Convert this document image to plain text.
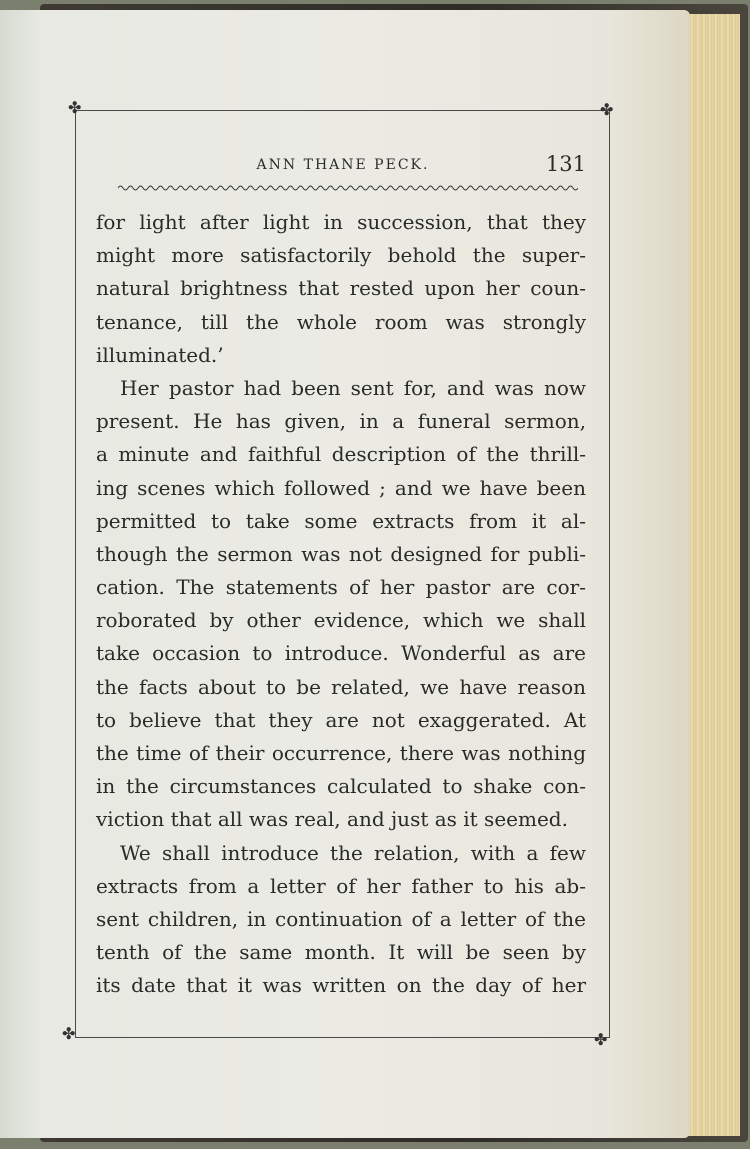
✤	✤
✤	✤
ANN THANE PECK.	131
for light after light in succession, that they
might more satisfactorily behold the super-
natural brightness that rested upon her coun-
tenance, till the whole room was strongly
illuminated.’
Her pastor had been sent for, and was now
present. He has given, in a funeral sermon,
a minute and faithful description of the thrill-
ing scenes which followed ; and we have been
permitted to take some extracts from it al-
though the sermon was not designed for publi-
cation. The statements of her pastor are cor-
roborated by other evidence, which we shall
take occasion to introduce. Wonderful as are
the facts about to be related, we have reason
to believe that they are not exaggerated. At
the time of their occurrence, there was nothing
in the circumstances calculated to shake con-
viction that all was real, and just as it seemed.
We shall introduce the relation, with a few
extracts from a letter of her father to his ab-
sent children, in continuation of a letter of the
tenth of the same month. It will be seen by
its date that it was written on the day of her
